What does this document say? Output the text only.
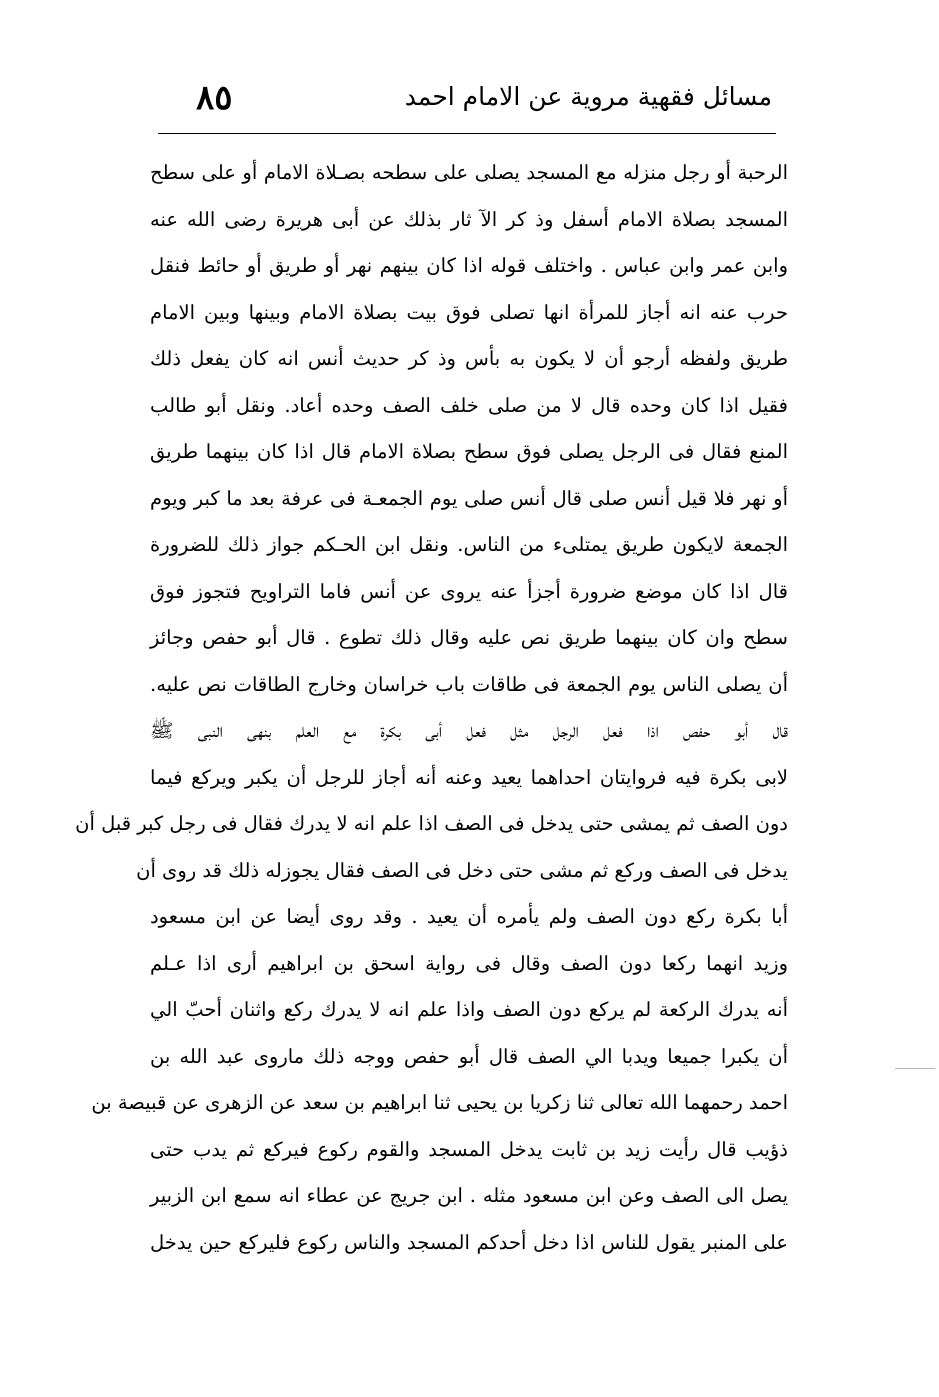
مسائل فقهية مروية عن الامام احمد
٨٥
الرحبة أو رجل منزله مع المسجد يصلى على سطحه بصـلاة الامام أو على سطح
المسجد بصلاة الامام أسفل وذ كر الآ ثار بذلك عن أبى هريرة رضى الله عنه
وابن عمر وابن عباس . واختلف قوله اذا كان بينهم نهر أو طريق أو حائط فنقل
حرب عنه انه أجاز للمرأة انها تصلى فوق بيت بصلاة الامام وبينها وبين الامام
طريق ولفظه أرجو أن لا يكون به بأس وذ كر حديث أنس انه كان يفعل ذلك
فقيل اذا كان وحده قال لا من صلى خلف الصف وحده أعاد. ونقل أبو طالب
المنع فقال فى الرجل يصلى فوق سطح بصلاة الامام قال اذا كان بينهما طريق
أو نهر فلا قيل أنس صلى قال أنس صلى يوم الجمعـة فى عرفة بعد ما كبر ويوم
الجمعة لايكون طريق يمتلىء من الناس. ونقل ابن الحـكم جواز ذلك للضرورة
قال اذا كان موضع ضرورة أجزأ عنه يروى عن أنس فاما التراويح فتجوز فوق
سطح وان كان بينهما طريق نص عليه وقال ذلك تطوع . قال أبو حفص وجائز
أن يصلى الناس يوم الجمعة فى طاقات باب خراسان وخارج الطاقات نص عليه.
قال أبو حفص اذا فعل الرجل مثل فعل أبى بكرة مع العلم بنهى النبى ﷺ
لابى بكرة فيه فروايتان احداهما يعيد وعنه أنه أجاز للرجل أن يكبر ويركع فيما
دون الصف ثم يمشى حتى يدخل فى الصف اذا علم انه لا يدرك فقال فى رجل كبر قبل أن
يدخل فى الصف وركع ثم مشى حتى دخل فى الصف فقال يجوزله ذلك قد روى أن
أبا بكرة ركع دون الصف ولم يأمره أن يعيد . وقد روى أيضا عن ابن مسعود
وزيد انهما ركعا دون الصف وقال فى رواية اسحق بن ابراهيم أرى اذا عـلم
أنه يدرك الركعة لم يركع دون الصف واذا علم انه لا يدرك ركع واثنان أحبّ الي
أن يكبرا جميعا ويدبا الي الصف قال أبو حفص ووجه ذلك ماروى عبد الله بن
احمد رحمهما الله تعالى ثنا زكريا بن يحيى ثنا ابراهيم بن سعد عن الزهرى عن قبيصة بن
ذؤيب قال رأيت زيد بن ثابت يدخل المسجد والقوم ركوع فيركع ثم يدب حتى
يصل الى الصف وعن ابن مسعود مثله . ابن جريج عن عطاء انه سمع ابن الزبير
على المنبر يقول للناس اذا دخل أحدكم المسجد والناس ركوع فليركع حين يدخل
